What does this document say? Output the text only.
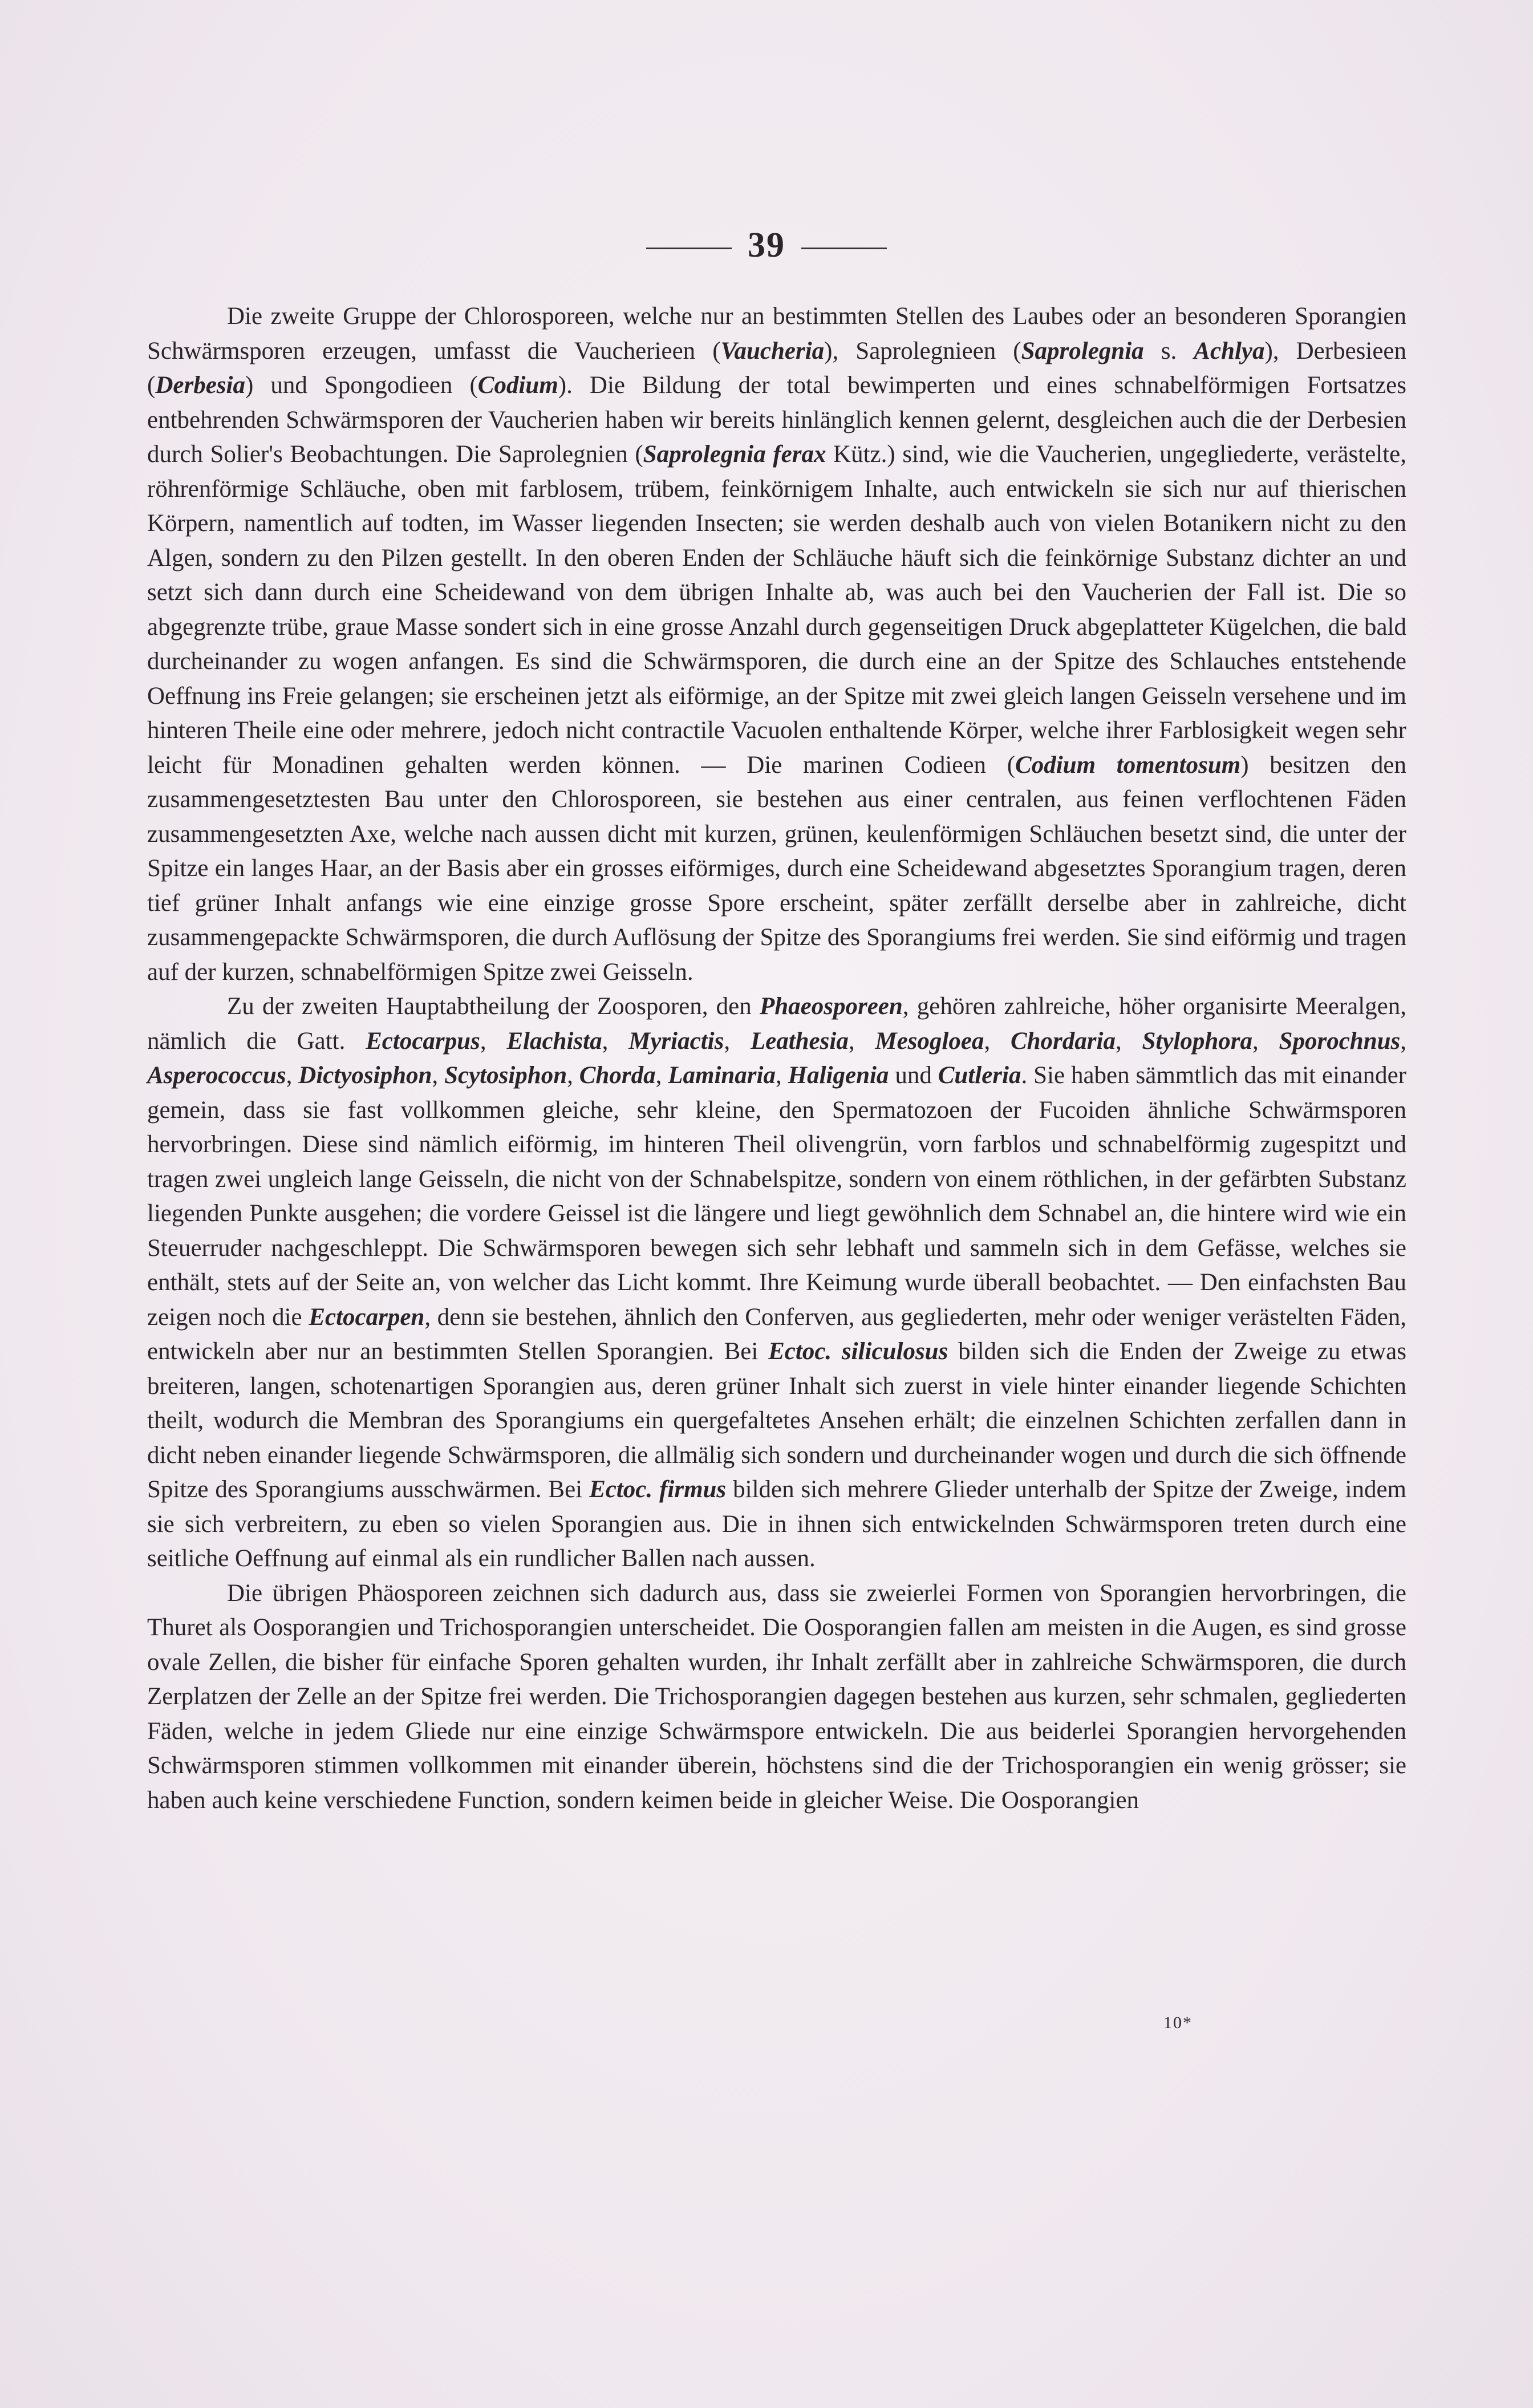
39

Die zweite Gruppe der Chlorosporeen, welche nur an bestimmten Stellen des Laubes oder an besonderen Sporangien Schwärmsporen erzeugen, umfasst die Vaucherieen (Vaucheria), Saprolegnieen (Saprolegnia s. Achlya), Derbesieen (Derbesia) und Spongodieen (Codium). Die Bildung der total bewimperten und eines schnabelförmigen Fortsatzes entbehrenden Schwärmsporen der Vaucherien haben wir bereits hinlänglich kennen gelernt, desgleichen auch die der Derbesien durch Solier's Beobachtungen. Die Saprolegnien (Saprolegnia ferax Kütz.) sind, wie die Vaucherien, ungegliederte, verästelte, röhrenförmige Schläuche, oben mit farblosem, trübem, feinkörnigem Inhalte, auch entwickeln sie sich nur auf thierischen Körpern, namentlich auf todten, im Wasser liegenden Insecten; sie werden deshalb auch von vielen Botanikern nicht zu den Algen, sondern zu den Pilzen gestellt. In den oberen Enden der Schläuche häuft sich die feinkörnige Substanz dichter an und setzt sich dann durch eine Scheidewand von dem übrigen Inhalte ab, was auch bei den Vaucherien der Fall ist. Die so abgegrenzte trübe, graue Masse sondert sich in eine grosse Anzahl durch gegenseitigen Druck abgeplatteter Kügelchen, die bald durcheinander zu wogen anfangen. Es sind die Schwärmsporen, die durch eine an der Spitze des Schlauches entstehende Oeffnung ins Freie gelangen; sie erscheinen jetzt als eiförmige, an der Spitze mit zwei gleich langen Geisseln versehene und im hinteren Theile eine oder mehrere, jedoch nicht contractile Vacuolen enthaltende Körper, welche ihrer Farblosigkeit wegen sehr leicht für Monadinen gehalten werden können. — Die marinen Codieen (Codium tomentosum) besitzen den zusammengesetztesten Bau unter den Chlorosporeen, sie bestehen aus einer centralen, aus feinen verflochtenen Fäden zusammengesetzten Axe, welche nach aussen dicht mit kurzen, grünen, keulenförmigen Schläuchen besetzt sind, die unter der Spitze ein langes Haar, an der Basis aber ein grosses eiförmiges, durch eine Scheidewand abgesetztes Sporangium tragen, deren tief grüner Inhalt anfangs wie eine einzige grosse Spore erscheint, später zerfällt derselbe aber in zahlreiche, dicht zusammengepackte Schwärmsporen, die durch Auflösung der Spitze des Sporangiums frei werden. Sie sind eiförmig und tragen auf der kurzen, schnabelförmigen Spitze zwei Geisseln.

Zu der zweiten Hauptabtheilung der Zoosporen, den Phaeosporeen, gehören zahlreiche, höher organisirte Meeralgen, nämlich die Gatt. Ectocarpus, Elachista, Myriactis, Leathesia, Mesogloea, Chordaria, Stylophora, Sporochnus, Asperococcus, Dictyosiphon, Scytosiphon, Chorda, Laminaria, Haligenia und Cutleria. Sie haben sämmtlich das mit einander gemein, dass sie fast vollkommen gleiche, sehr kleine, den Spermatozoen der Fucoiden ähnliche Schwärmsporen hervorbringen. Diese sind nämlich eiförmig, im hinteren Theil olivengrün, vorn farblos und schnabelförmig zugespitzt und tragen zwei ungleich lange Geisseln, die nicht von der Schnabelspitze, sondern von einem röthlichen, in der gefärbten Substanz liegenden Punkte ausgehen; die vordere Geissel ist die längere und liegt gewöhnlich dem Schnabel an, die hintere wird wie ein Steuerruder nachgeschleppt. Die Schwärmsporen bewegen sich sehr lebhaft und sammeln sich in dem Gefässe, welches sie enthält, stets auf der Seite an, von welcher das Licht kommt. Ihre Keimung wurde überall beobachtet. — Den einfachsten Bau zeigen noch die Ectocarpen, denn sie bestehen, ähnlich den Conferven, aus gegliederten, mehr oder weniger verästelten Fäden, entwickeln aber nur an bestimmten Stellen Sporangien. Bei Ectoc. siliculosus bilden sich die Enden der Zweige zu etwas breiteren, langen, schotenartigen Sporangien aus, deren grüner Inhalt sich zuerst in viele hinter einander liegende Schichten theilt, wodurch die Membran des Sporangiums ein quergefaltetes Ansehen erhält; die einzelnen Schichten zerfallen dann in dicht neben einander liegende Schwärmsporen, die allmälig sich sondern und durcheinander wogen und durch die sich öffnende Spitze des Sporangiums ausschwärmen. Bei Ectoc. firmus bilden sich mehrere Glieder unterhalb der Spitze der Zweige, indem sie sich verbreitern, zu eben so vielen Sporangien aus. Die in ihnen sich entwickelnden Schwärmsporen treten durch eine seitliche Oeffnung auf einmal als ein rundlicher Ballen nach aussen.

Die übrigen Phäosporeen zeichnen sich dadurch aus, dass sie zweierlei Formen von Sporangien hervorbringen, die Thuret als Oosporangien und Trichosporangien unterscheidet. Die Oosporangien fallen am meisten in die Augen, es sind grosse ovale Zellen, die bisher für einfache Sporen gehalten wurden, ihr Inhalt zerfällt aber in zahlreiche Schwärmsporen, die durch Zerplatzen der Zelle an der Spitze frei werden. Die Trichosporangien dagegen bestehen aus kurzen, sehr schmalen, gegliederten Fäden, welche in jedem Gliede nur eine einzige Schwärmspore entwickeln. Die aus beiderlei Sporangien hervorgehenden Schwärmsporen stimmen vollkommen mit einander überein, höchstens sind die der Trichosporangien ein wenig grösser; sie haben auch keine verschiedene Function, sondern keimen beide in gleicher Weise. Die Oosporangien

10*
